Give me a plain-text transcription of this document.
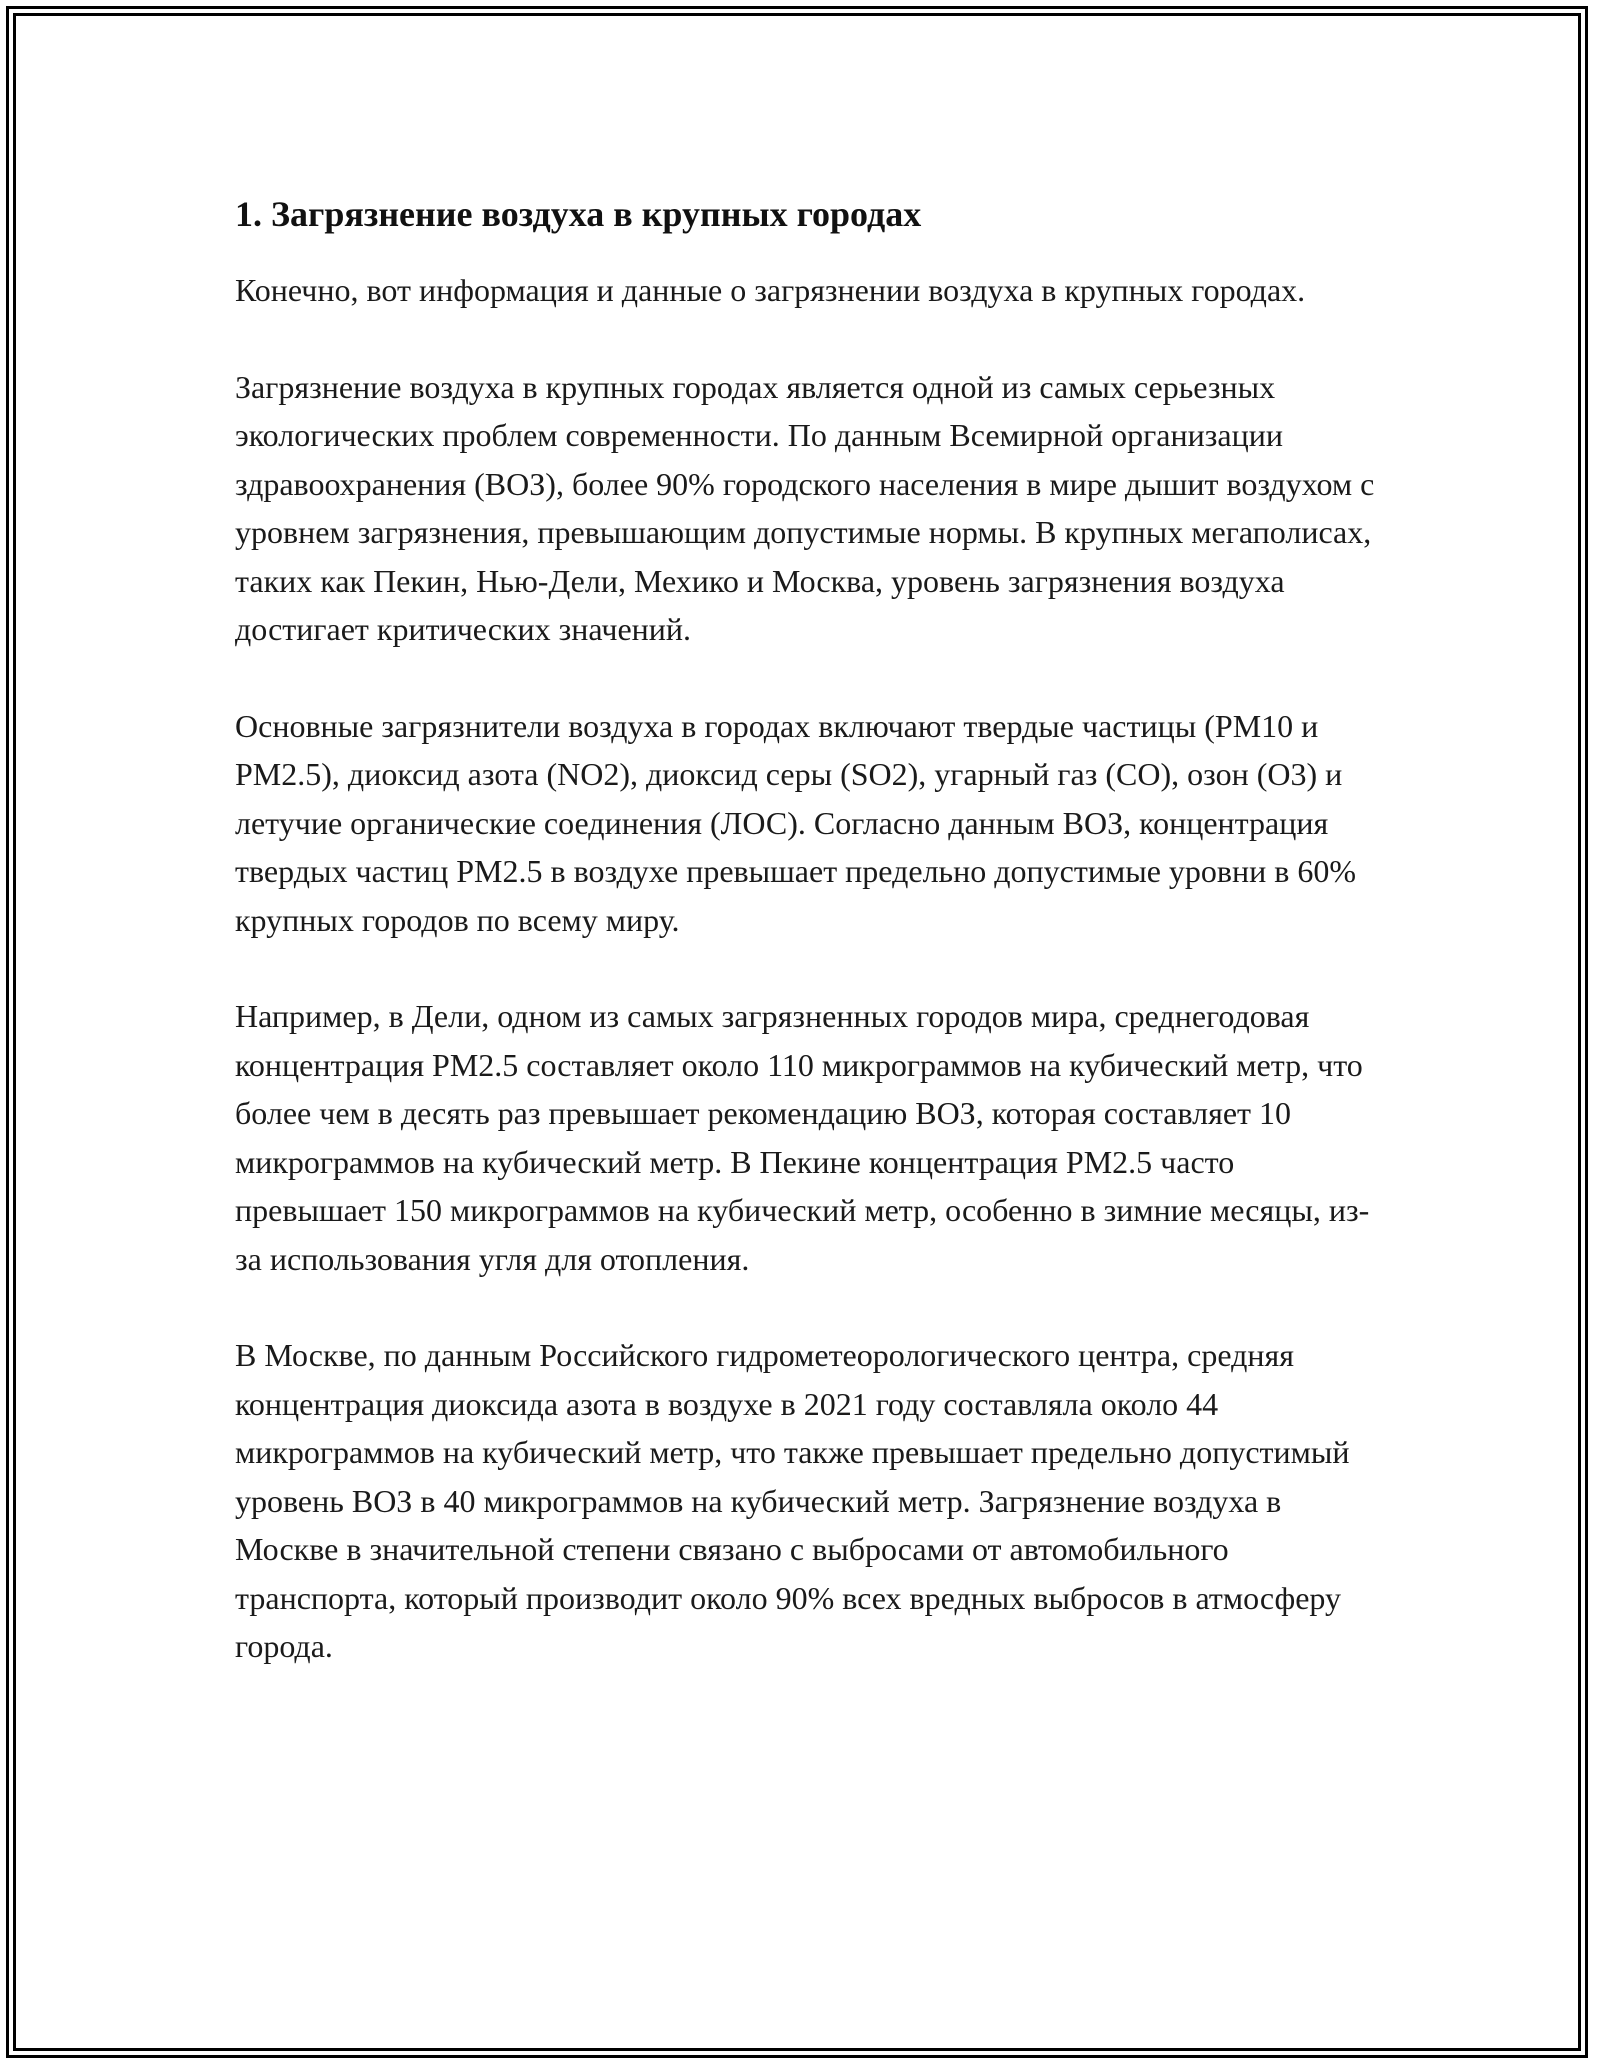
1. Загрязнение воздуха в крупных городах

Конечно, вот информация и данные о загрязнении воздуха в крупных городах.

Загрязнение воздуха в крупных городах является одной из самых серьезных экологических проблем современности. По данным Всемирной организации здравоохранения (ВОЗ), более 90% городского населения в мире дышит воздухом с уровнем загрязнения, превышающим допустимые нормы. В крупных мегаполисах, таких как Пекин, Нью-Дели, Мехико и Москва, уровень загрязнения воздуха достигает критических значений.

Основные загрязнители воздуха в городах включают твердые частицы (PM10 и PM2.5), диоксид азота (NO2), диоксид серы (SO2), угарный газ (CO), озон (O3) и летучие органические соединения (ЛОС). Согласно данным ВОЗ, концентрация твердых частиц PM2.5 в воздухе превышает предельно допустимые уровни в 60% крупных городов по всему миру.

Например, в Дели, одном из самых загрязненных городов мира, среднегодовая концентрация PM2.5 составляет около 110 микрограммов на кубический метр, что более чем в десять раз превышает рекомендацию ВОЗ, которая составляет 10 микрограммов на кубический метр. В Пекине концентрация PM2.5 часто превышает 150 микрограммов на кубический метр, особенно в зимние месяцы, из-за использования угля для отопления.

В Москве, по данным Российского гидрометеорологического центра, средняя концентрация диоксида азота в воздухе в 2021 году составляла около 44 микрограммов на кубический метр, что также превышает предельно допустимый уровень ВОЗ в 40 микрограммов на кубический метр. Загрязнение воздуха в Москве в значительной степени связано с выбросами от автомобильного транспорта, который производит около 90% всех вредных выбросов в атмосферу города.
